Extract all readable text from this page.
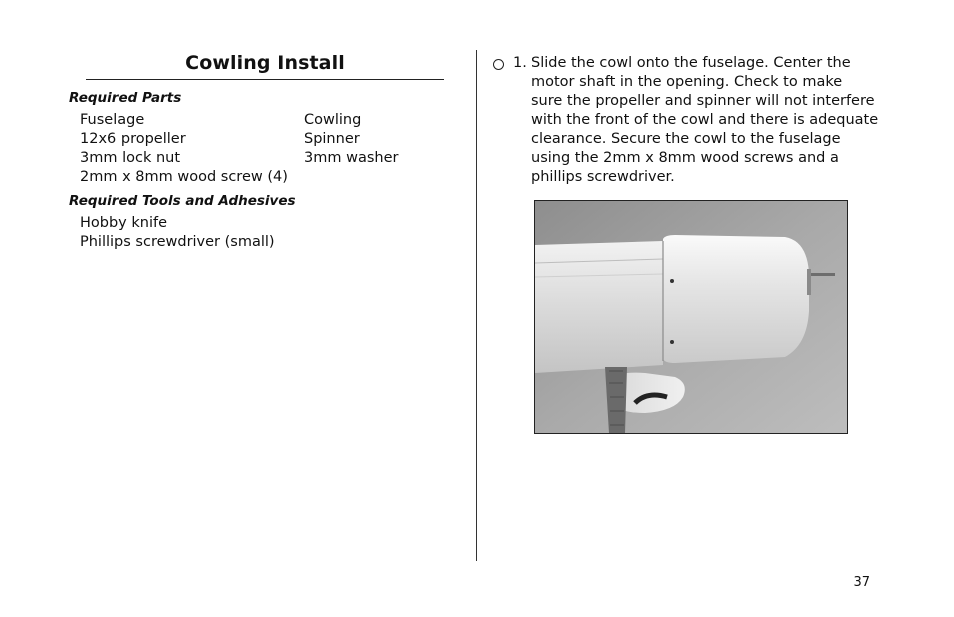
Cowling Install

Required Parts

Fuselage	Cowling
12x6 propeller	Spinner
3mm lock nut	3mm washer
2mm x 8mm wood screw (4)

Required Tools and Adhesives

Hobby knife
Phillips screwdriver (small)
1. Slide the cowl onto the fuselage. Center the
motor shaft in the opening. Check to make
sure the propeller and spinner will not interfere
with the front of the cowl and there is adequate
clearance. Secure the cowl to the fuselage
using the 2mm x 8mm wood screws and a
phillips screwdriver.

37
